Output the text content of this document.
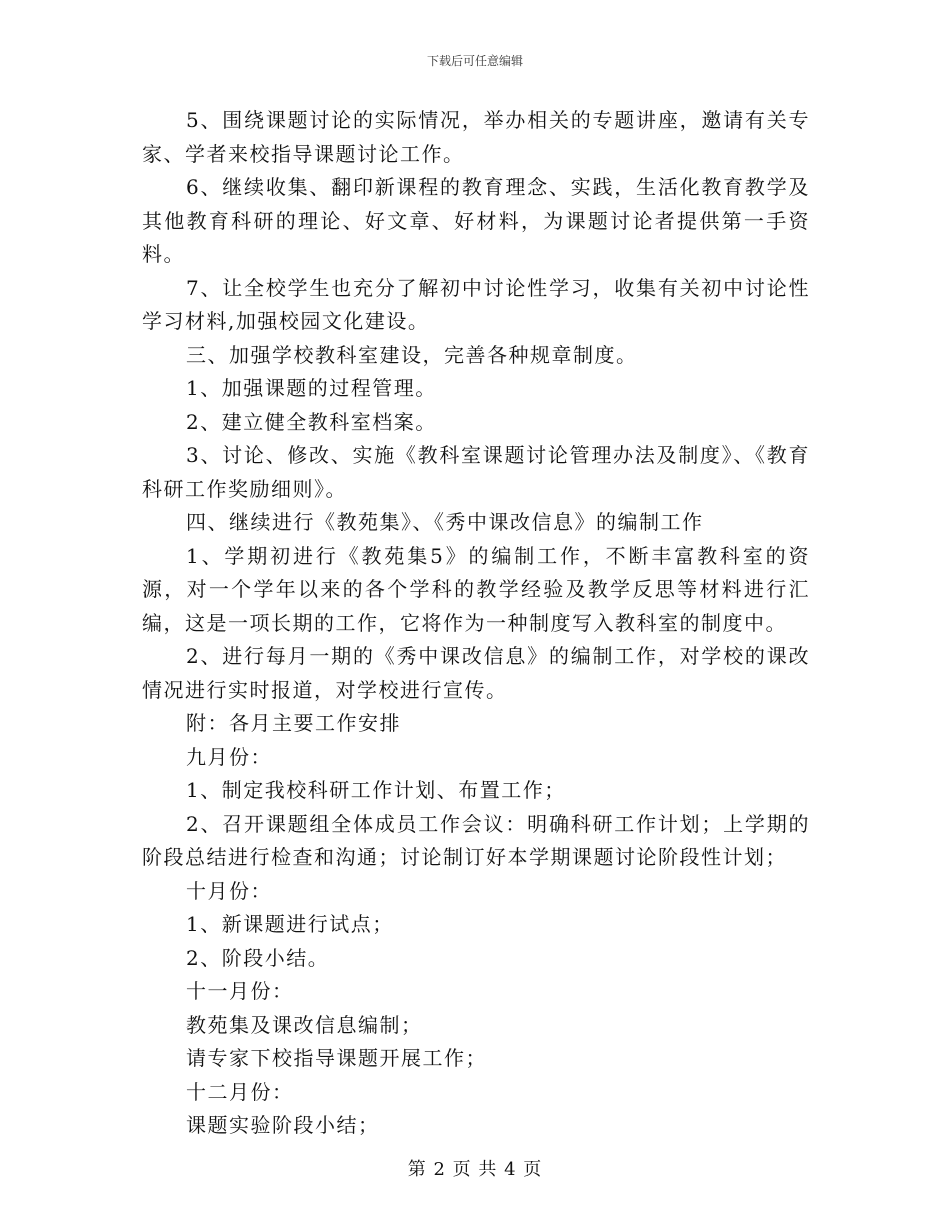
下载后可任意编辑

5、围绕课题讨论的实际情况，举办相关的专题讲座，邀请有关专家、学者来校指导课题讨论工作。

6、继续收集、翻印新课程的教育理念、实践，生活化教育教学及其他教育科研的理论、好文章、好材料，为课题讨论者提供第一手资料。

7、让全校学生也充分了解初中讨论性学习，收集有关初中讨论性学习材料,加强校园文化建设。

三、加强学校教科室建设，完善各种规章制度。

1、加强课题的过程管理。

2、建立健全教科室档案。

3、讨论、修改、实施《教科室课题讨论管理办法及制度》、《教育科研工作奖励细则》。

四、继续进行《教苑集》、《秀中课改信息》的编制工作

1、学期初进行《教苑集5》的编制工作，不断丰富教科室的资源，对一个学年以来的各个学科的教学经验及教学反思等材料进行汇编，这是一项长期的工作，它将作为一种制度写入教科室的制度中。

2、进行每月一期的《秀中课改信息》的编制工作，对学校的课改情况进行实时报道，对学校进行宣传。

附：各月主要工作安排

九月份：

1、制定我校科研工作计划、布置工作；

2、召开课题组全体成员工作会议：明确科研工作计划；上学期的阶段总结进行检查和沟通；讨论制订好本学期课题讨论阶段性计划；

十月份：

1、新课题进行试点；

2、阶段小结。

十一月份：

教苑集及课改信息编制；

请专家下校指导课题开展工作；

十二月份：

课题实验阶段小结；

第 2 页 共 4 页
